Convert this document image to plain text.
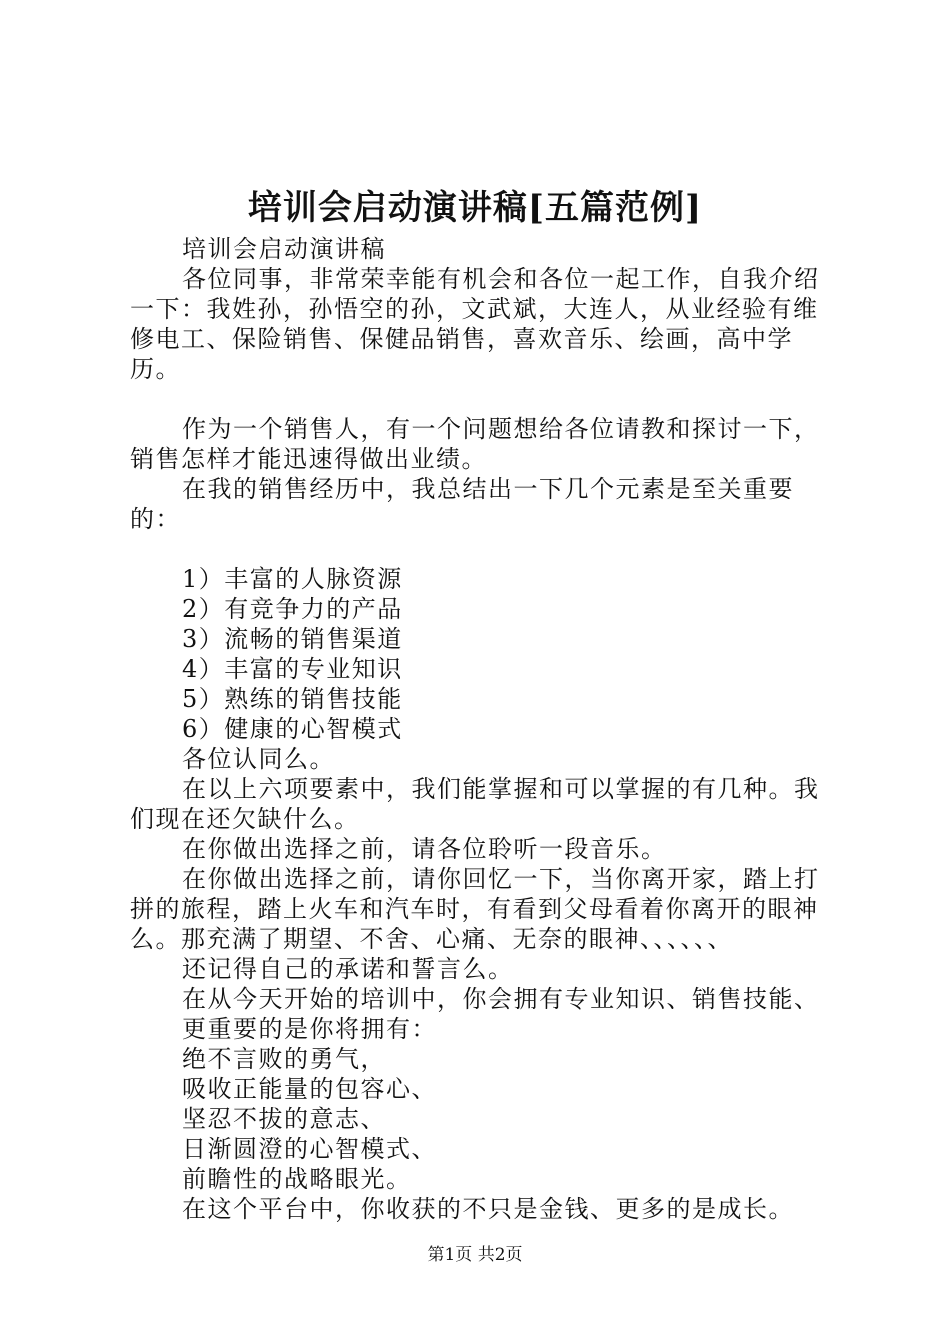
培训会启动演讲稿[五篇范例]

培训会启动演讲稿

各位同事，非常荣幸能有机会和各位一起工作，自我介绍一下：我姓孙，孙悟空的孙，文武斌，大连人，从业经验有维修电工、保险销售、保健品销售，喜欢音乐、绘画，高中学历。

作为一个销售人，有一个问题想给各位请教和探讨一下，销售怎样才能迅速得做出业绩。

在我的销售经历中，我总结出一下几个元素是至关重要的：

1）丰富的人脉资源

2）有竞争力的产品

3）流畅的销售渠道

4）丰富的专业知识

5）熟练的销售技能

6）健康的心智模式

各位认同么。

在以上六项要素中，我们能掌握和可以掌握的有几种。我们现在还欠缺什么。

在你做出选择之前，请各位聆听一段音乐。

在你做出选择之前，请你回忆一下，当你离开家，踏上打拼的旅程，踏上火车和汽车时，有看到父母看着你离开的眼神么。那充满了期望、不舍、心痛、无奈的眼神、、、、、、

还记得自己的承诺和誓言么。

在从今天开始的培训中，你会拥有专业知识、销售技能、

更重要的是你将拥有：

绝不言败的勇气，

吸收正能量的包容心、

坚忍不拔的意志、

日渐圆澄的心智模式、

前瞻性的战略眼光。

在这个平台中，你收获的不只是金钱、更多的是成长。

第1页 共2页
